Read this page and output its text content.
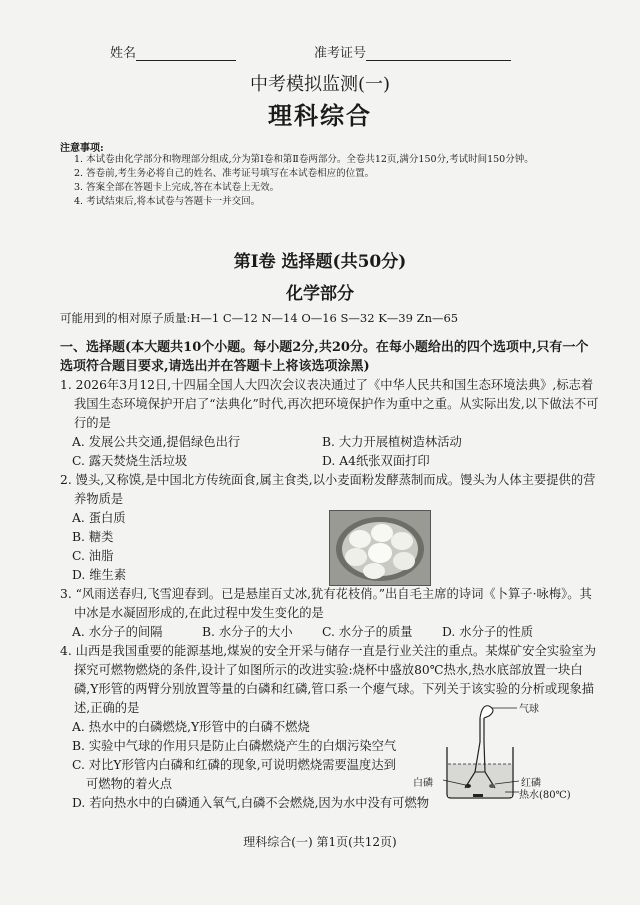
姓名	准考证号
中考模拟监测(一)
理科综合
注意事项:

1. 本试卷由化学部分和物理部分组成,分为第Ⅰ卷和第Ⅱ卷两部分。全卷共12页,满分150分,考试时间150分钟。

2. 答卷前,考生务必将自己的姓名、准考证号填写在本试卷相应的位置。

3. 答案全部在答题卡上完成,答在本试卷上无效。

4. 考试结束后,将本试卷与答题卡一并交回。

第Ⅰ卷 选择题(共50分)
化学部分
可能用到的相对原子质量:H—1 C—12 N—14 O—16 S—32 K—39 Zn—65

一、选择题(本大题共10个小题。每小题2分,共20分。在每小题给出的四个选项中,只有一个选项符合题目要求,请选出并在答题卡上将该选项涂黑)

1. 2026年3月12日,十四届全国人大四次会议表决通过了《中华人民共和国生态环境法典》,标志着我国生态环境保护开启了“法典化”时代,再次把环境保护作为重中之重。从实际出发,以下做法不可行的是

A. 发展公共交通,提倡绿色出行	B. 大力开展植树造林活动
C. 露天焚烧生活垃圾	D. A4纸张双面打印

2. 馒头,又称馍,是中国北方传统面食,属主食类,以小麦面粉发酵蒸制而成。馒头为人体主要提供的营养物质是

A. 蛋白质
B. 糖类
C. 油脂
D. 维生素

3. “风雨送春归,飞雪迎春到。已是悬崖百丈冰,犹有花枝俏。”出自毛主席的诗词《卜算子·咏梅》。其中冰是水凝固形成的,在此过程中发生变化的是

A. 水分子的间隔	B. 水分子的大小 C. 水分子的质量 D. 水分子的性质

4. 山西是我国重要的能源基地,煤炭的安全开采与储存一直是行业关注的重点。某煤矿安全实验室为探究可燃物燃烧的条件,设计了如图所示的改进实验:烧杯中盛放80℃热水,热水底部放置一块白磷,Y形管的两臂分别放置等量的白磷和红磷,管口系一个瘪气球。下列关于该实验的分析或现象描述,正确的是

A. 热水中的白磷燃烧,Y形管中的白磷不燃烧

B. 实验中气球的作用只是防止白磷燃烧产生的白烟污染空气

C. 对比Y形管内白磷和红磷的现象,可说明燃烧需要温度达到可燃物的着火点

D. 若向热水中的白磷通入氧气,白磷不会燃烧,因为水中没有可燃物

气球
红磷
白磷
热水(80℃)
理科综合(一) 第1页(共12页)
